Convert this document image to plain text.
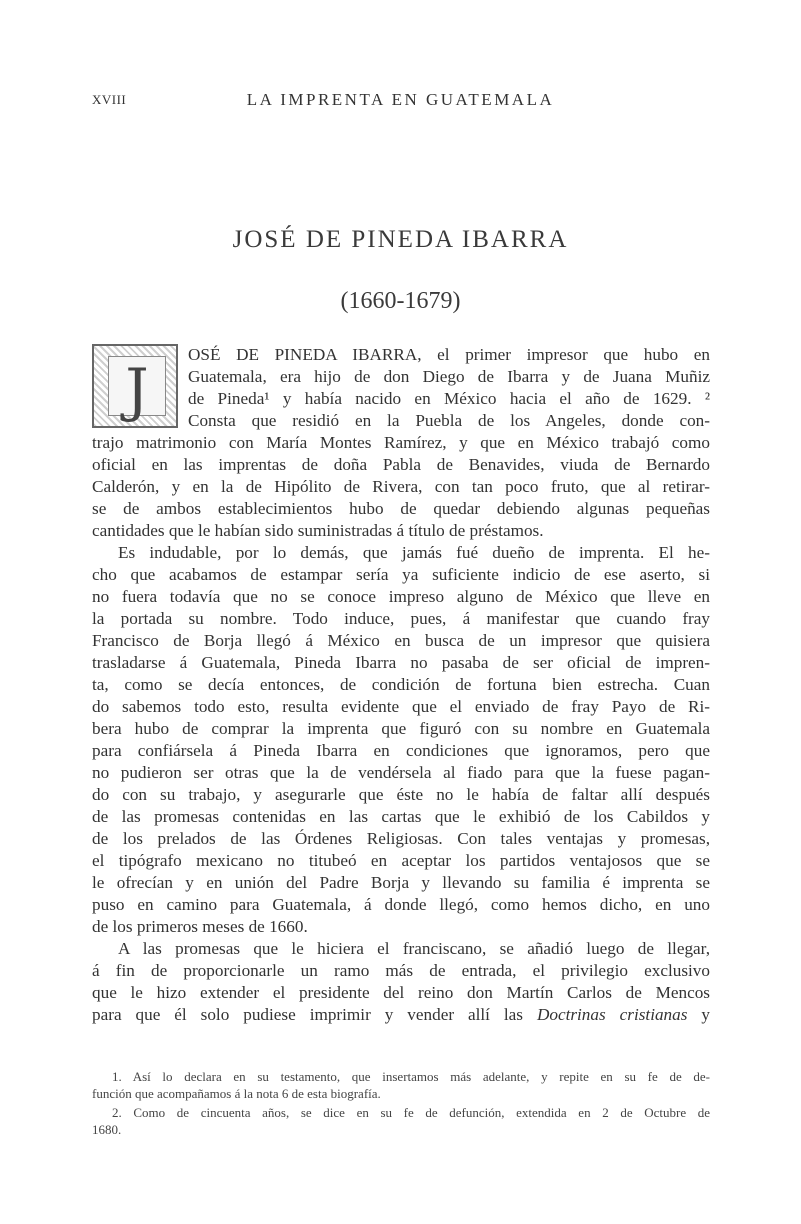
XVIII	LA IMPRENTA EN GUATEMALA
JOSÉ DE PINEDA IBARRA
(1660-1679)
J
OSÉ DE PINEDA IBARRA, el primer impresor que hubo en
Guatemala, era hijo de don Diego de Ibarra y de Juana Muñiz
de Pineda¹ y había nacido en México hacia el año de 1629. ²
Consta que residió en la Puebla de los Angeles, donde con-
trajo matrimonio con María Montes Ramírez, y que en México trabajó como
oficial en las imprentas de doña Pabla de Benavides, viuda de Bernardo
Calderón, y en la de Hipólito de Rivera, con tan poco fruto, que al retirar-
se de ambos establecimientos hubo de quedar debiendo algunas pequeñas
cantidades que le habían sido suministradas á título de préstamos.
Es indudable, por lo demás, que jamás fué dueño de imprenta. El he-
cho que acabamos de estampar sería ya suficiente indicio de ese aserto, si
no fuera todavía que no se conoce impreso alguno de México que lleve en
la portada su nombre. Todo induce, pues, á manifestar que cuando fray
Francisco de Borja llegó á México en busca de un impresor que quisiera
trasladarse á Guatemala, Pineda Ibarra no pasaba de ser oficial de impren-
ta, como se decía entonces, de condición de fortuna bien estrecha. Cuan
do sabemos todo esto, resulta evidente que el enviado de fray Payo de Ri-
bera hubo de comprar la imprenta que figuró con su nombre en Guatemala
para confiársela á Pineda Ibarra en condiciones que ignoramos, pero que
no pudieron ser otras que la de vendérsela al fiado para que la fuese pagan-
do con su trabajo, y asegurarle que éste no le había de faltar allí después
de las promesas contenidas en las cartas que le exhibió de los Cabildos y
de los prelados de las Órdenes Religiosas. Con tales ventajas y promesas,
el tipógrafo mexicano no titubeó en aceptar los partidos ventajosos que se
le ofrecían y en unión del Padre Borja y llevando su familia é imprenta se
puso en camino para Guatemala, á donde llegó, como hemos dicho, en uno
de los primeros meses de 1660.
A las promesas que le hiciera el franciscano, se añadió luego de llegar,
á fin de proporcionarle un ramo más de entrada, el privilegio exclusivo
que le hizo extender el presidente del reino don Martín Carlos de Mencos
para que él solo pudiese imprimir y vender allí las Doctrinas cristianas y
1. Así lo declara en su testamento, que insertamos más adelante, y repite en su fe de de-
función que acompañamos á la nota 6 de esta biografía.
2. Como de cincuenta años, se dice en su fe de defunción, extendida en 2 de Octubre de
1680.
